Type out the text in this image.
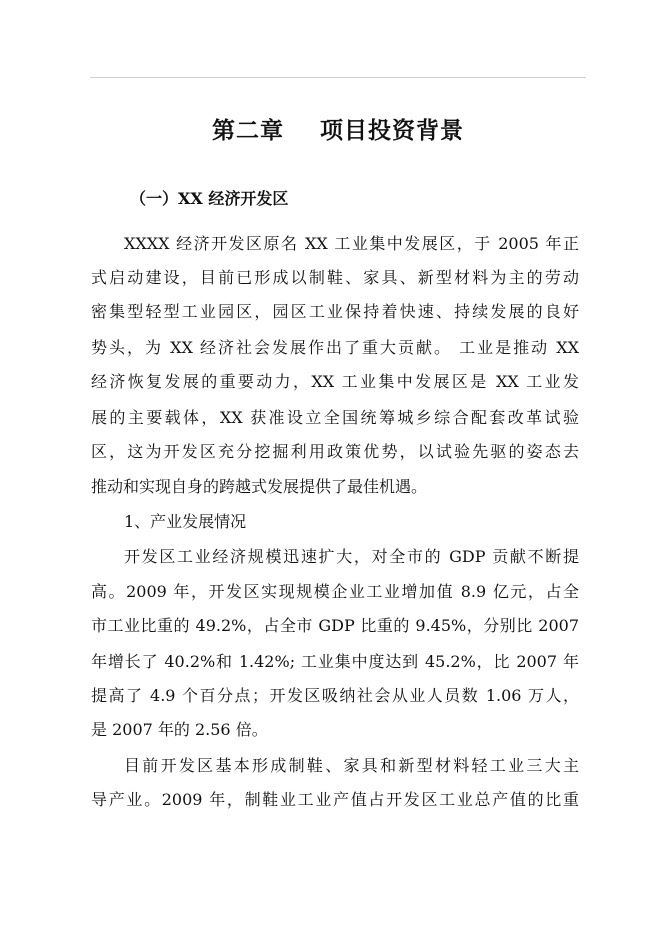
第二章    项目投资背景
（一）XX 经济开发区

XXXX 经济开发区原名 XX 工业集中发展区，于 2005 年正

式启动建设，目前已形成以制鞋、家具、新型材料为主的劳动

密集型轻型工业园区，园区工业保持着快速、持续发展的良好

势头，为 XX 经济社会发展作出了重大贡献。 工业是推动 XX

经济恢复发展的重要动力，XX 工业集中发展区是 XX 工业发

展的主要载体，XX 获准设立全国统筹城乡综合配套改革试验

区，这为开发区充分挖掘利用政策优势，以试验先驱的姿态去

推动和实现自身的跨越式发展提供了最佳机遇。

1、产业发展情况

开发区工业经济规模迅速扩大，对全市的 GDP 贡献不断提

高。2009 年，开发区实现规模企业工业增加值 8.9 亿元，占全

市工业比重的 49.2%，占全市 GDP 比重的 9.45%，分别比 2007

年增长了 40.2%和 1.42%; 工业集中度达到 45.2%，比 2007 年

提高了 4.9 个百分点；开发区吸纳社会从业人员数 1.06 万人，

是 2007 年的 2.56 倍。

目前开发区基本形成制鞋、家具和新型材料轻工业三大主

导产业。2009 年，制鞋业工业产值占开发区工业总产值的比重
